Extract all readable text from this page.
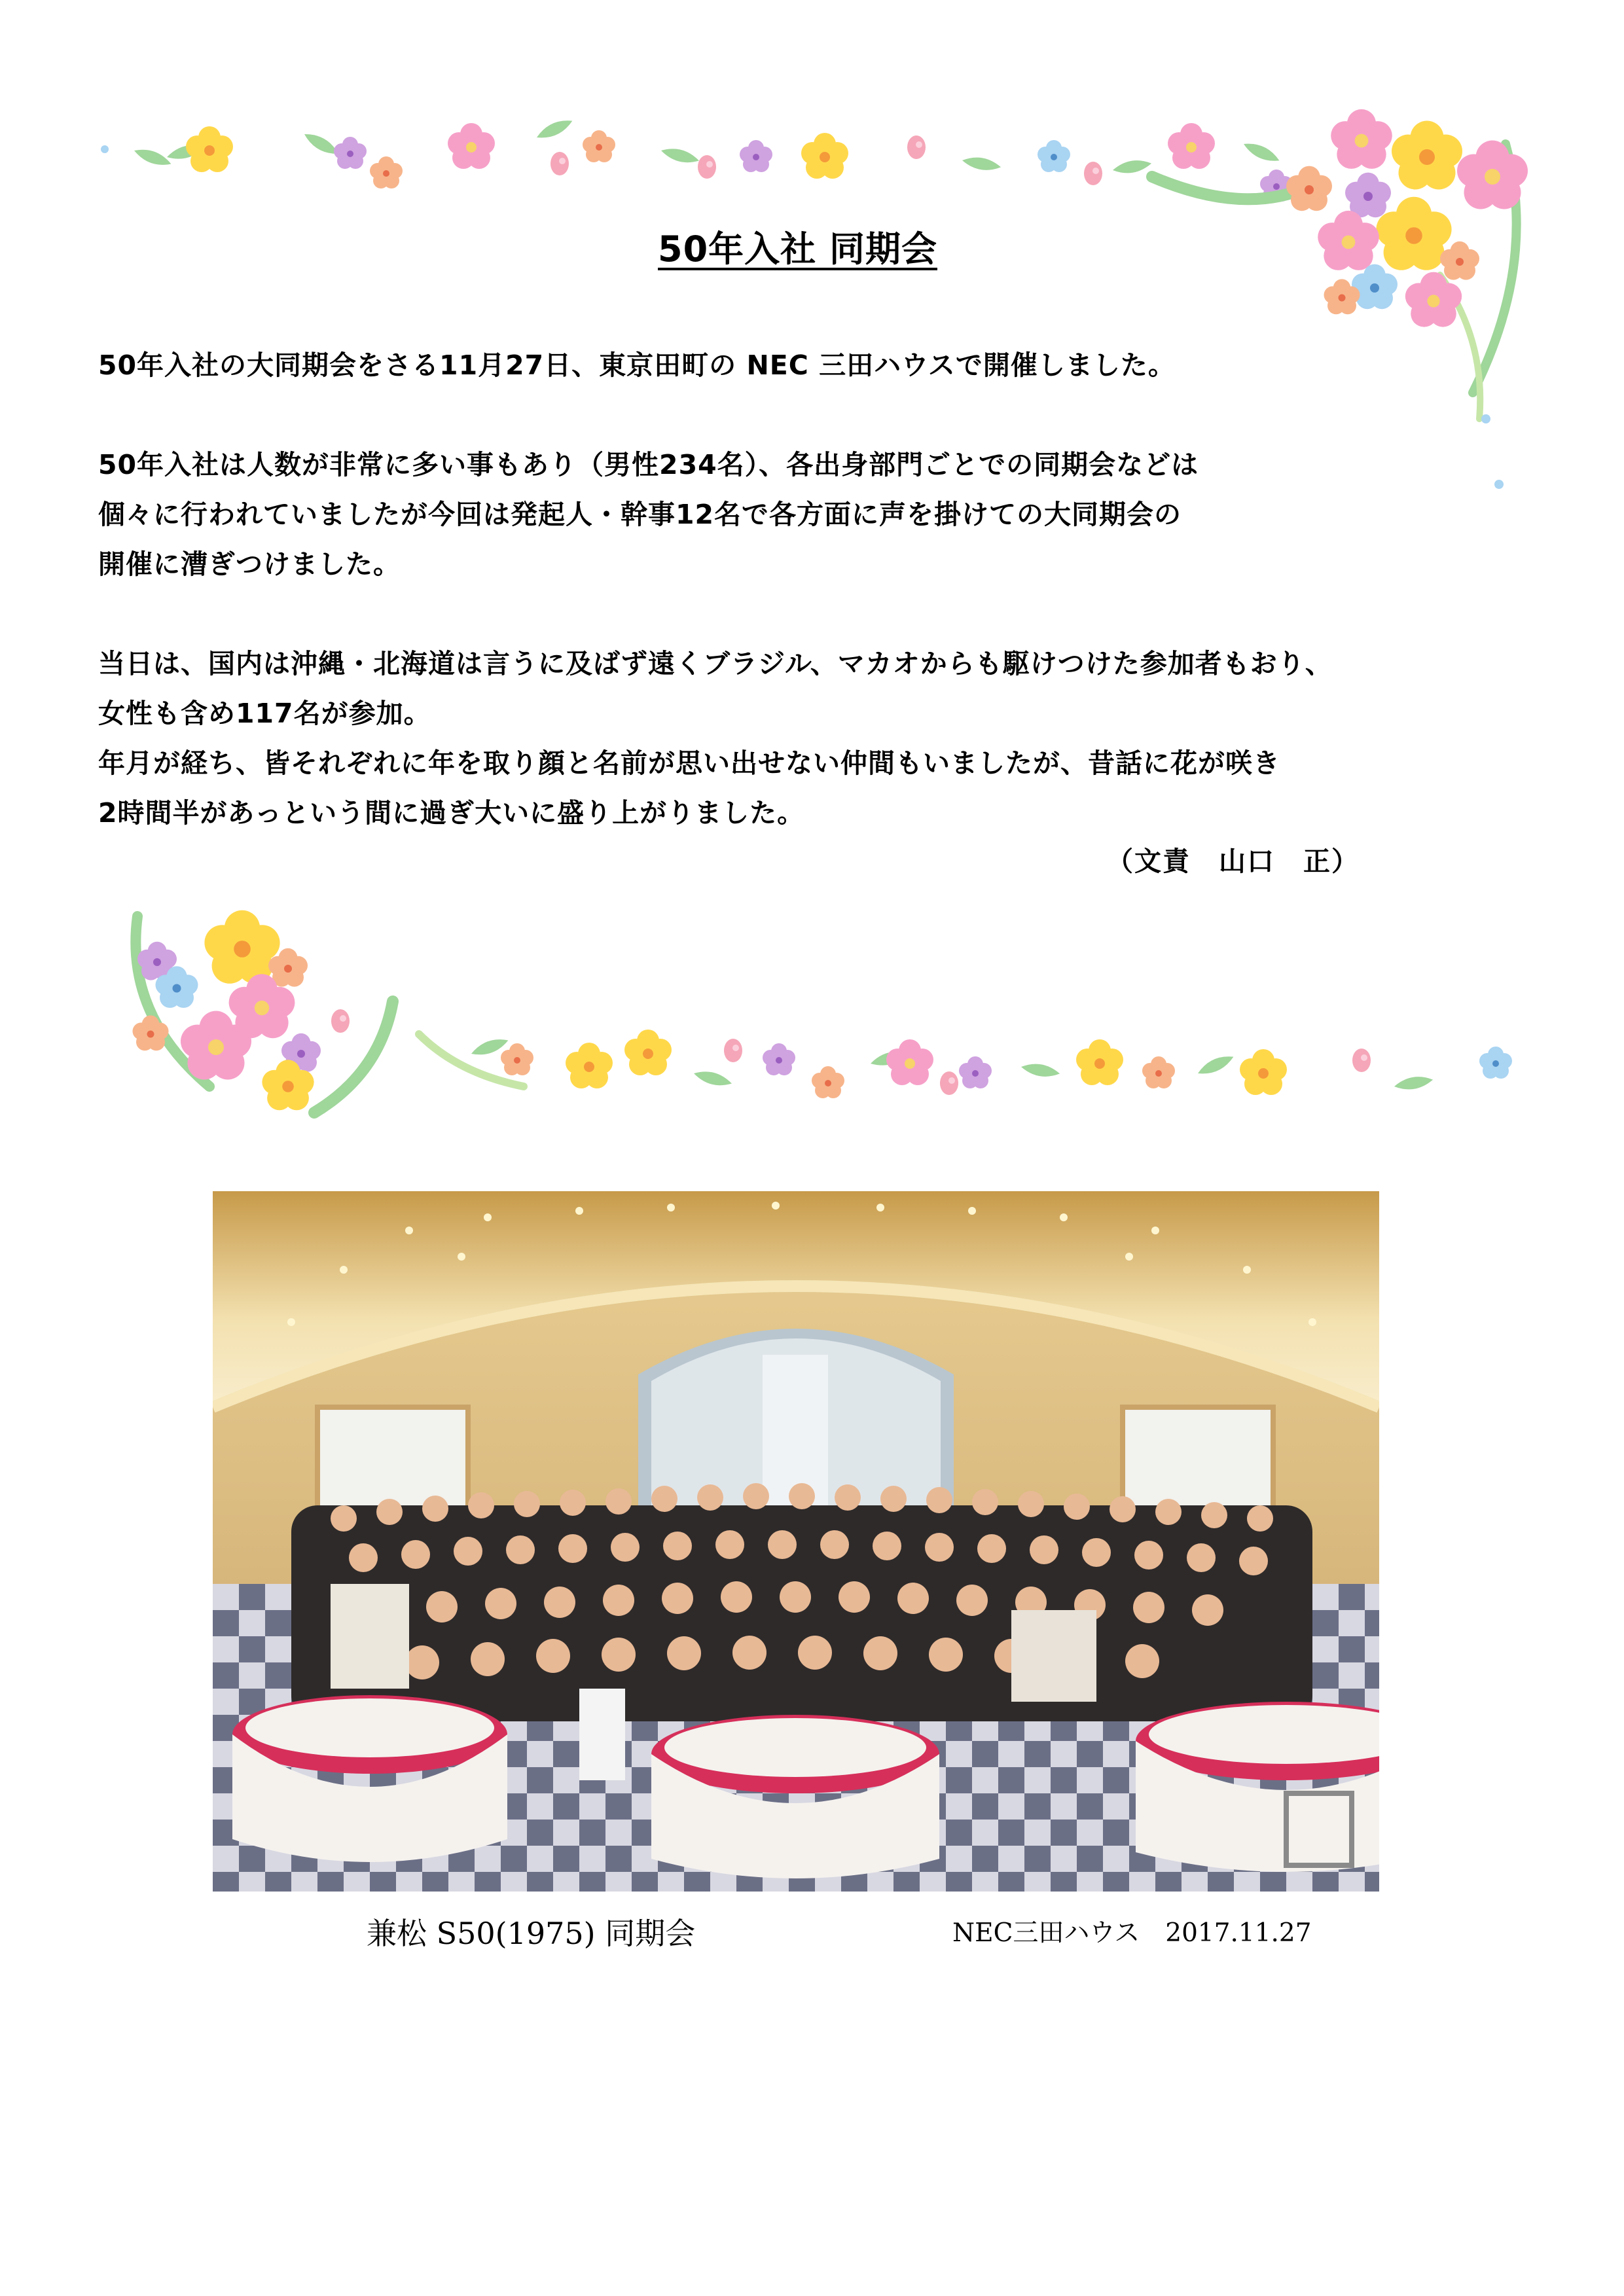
50年入社 同期会

50年入社の大同期会をさる11月27日、東京田町の NEC 三田ハウスで開催しました。

50年入社は人数が非常に多い事もあり（男性234名）、各出身部門ごとでの同期会などは

個々に行われていましたが今回は発起人・幹事12名で各方面に声を掛けての大同期会の

開催に漕ぎつけました。

当日は、国内は沖縄・北海道は言うに及ばず遠くブラジル、マカオからも駆けつけた参加者もおり、

女性も含め117名が参加。

年月が経ち、皆それぞれに年を取り顔と名前が思い出せない仲間もいましたが、昔話に花が咲き

2時間半があっという間に過ぎ大いに盛り上がりました。

（文責　山口　正）
兼松 S50(1975) 同期会	NEC三田ハウス　2017.11.27
